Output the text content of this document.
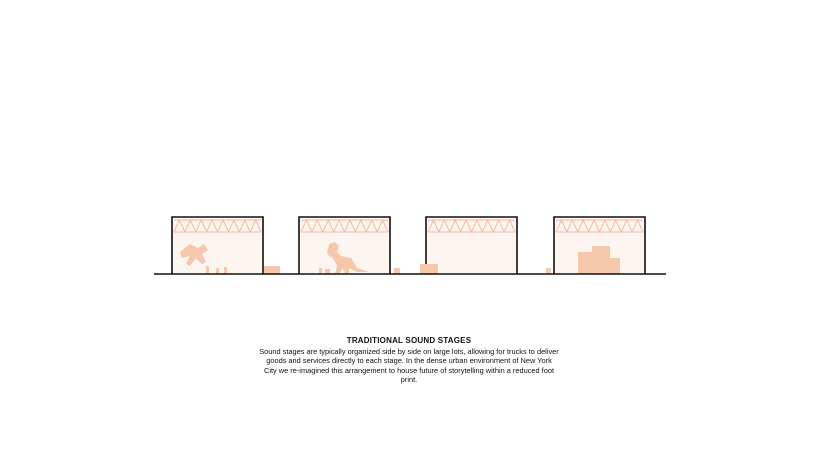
TRADITIONAL SOUND STAGES

Sound stages are typically organized side by side on large lots, allowing for trucks to deliver goods and services directly to each stage. In the dense urban environment of New York City we re-imagined this arrangement to house future of storytelling within a reduced foot print.
